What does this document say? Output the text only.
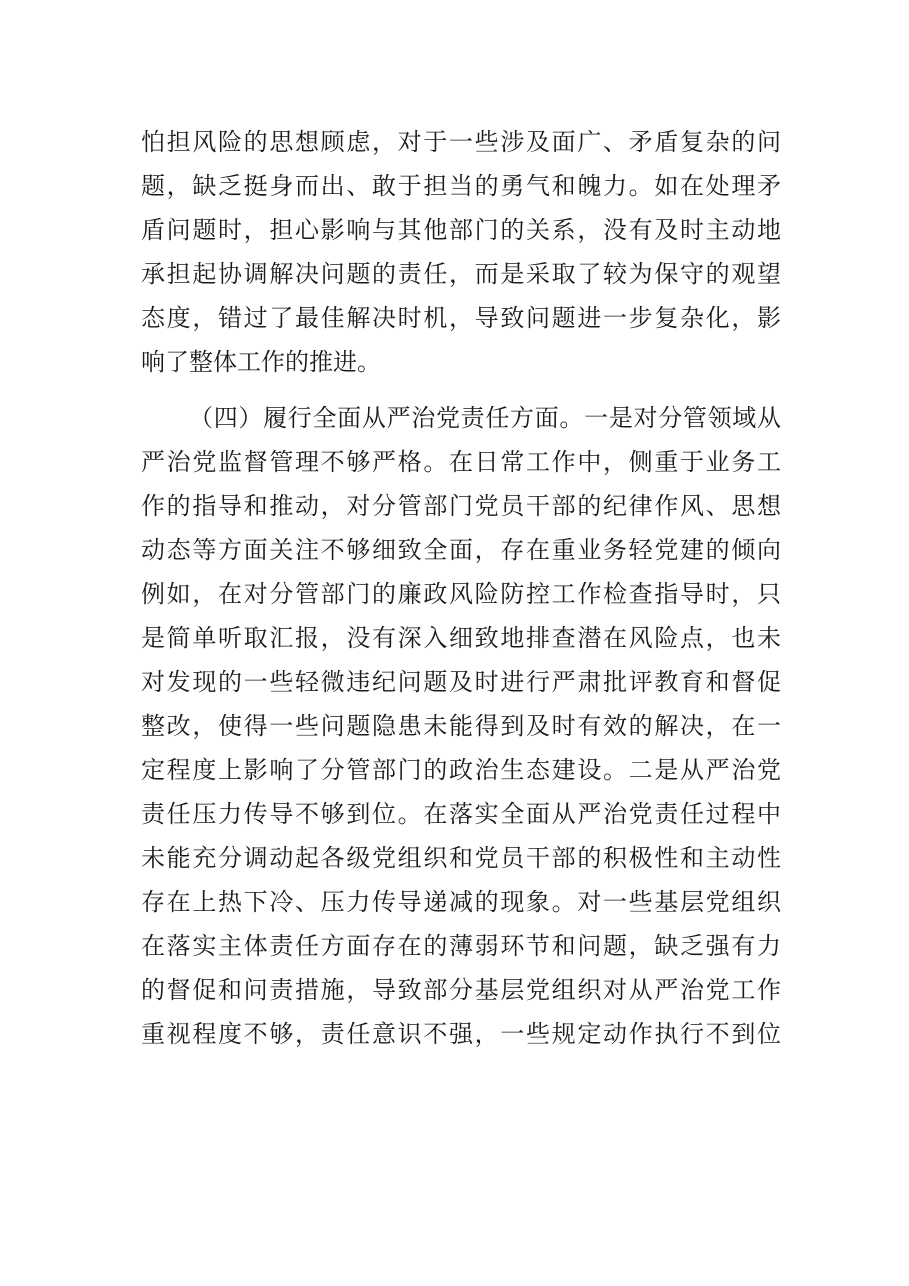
怕担风险的思想顾虑，对于一些涉及面广、矛盾复杂的问
题，缺乏挺身而出、敢于担当的勇气和魄力。如在处理矛
盾问题时，担心影响与其他部门的关系，没有及时主动地
承担起协调解决问题的责任，而是采取了较为保守的观望
态度，错过了最佳解决时机，导致问题进一步复杂化，影
响了整体工作的推进。
（四）履行全面从严治党责任方面。一是对分管领域从
严治党监督管理不够严格。在日常工作中，侧重于业务工
作的指导和推动，对分管部门党员干部的纪律作风、思想
动态等方面关注不够细致全面，存在重业务轻党建的倾向
例如，在对分管部门的廉政风险防控工作检查指导时，只
是简单听取汇报，没有深入细致地排查潜在风险点，也未
对发现的一些轻微违纪问题及时进行严肃批评教育和督促
整改，使得一些问题隐患未能得到及时有效的解决，在一
定程度上影响了分管部门的政治生态建设。二是从严治党
责任压力传导不够到位。在落实全面从严治党责任过程中
未能充分调动起各级党组织和党员干部的积极性和主动性
存在上热下冷、压力传导递减的现象。对一些基层党组织
在落实主体责任方面存在的薄弱环节和问题，缺乏强有力
的督促和问责措施，导致部分基层党组织对从严治党工作
重视程度不够，责任意识不强，一些规定动作执行不到位
